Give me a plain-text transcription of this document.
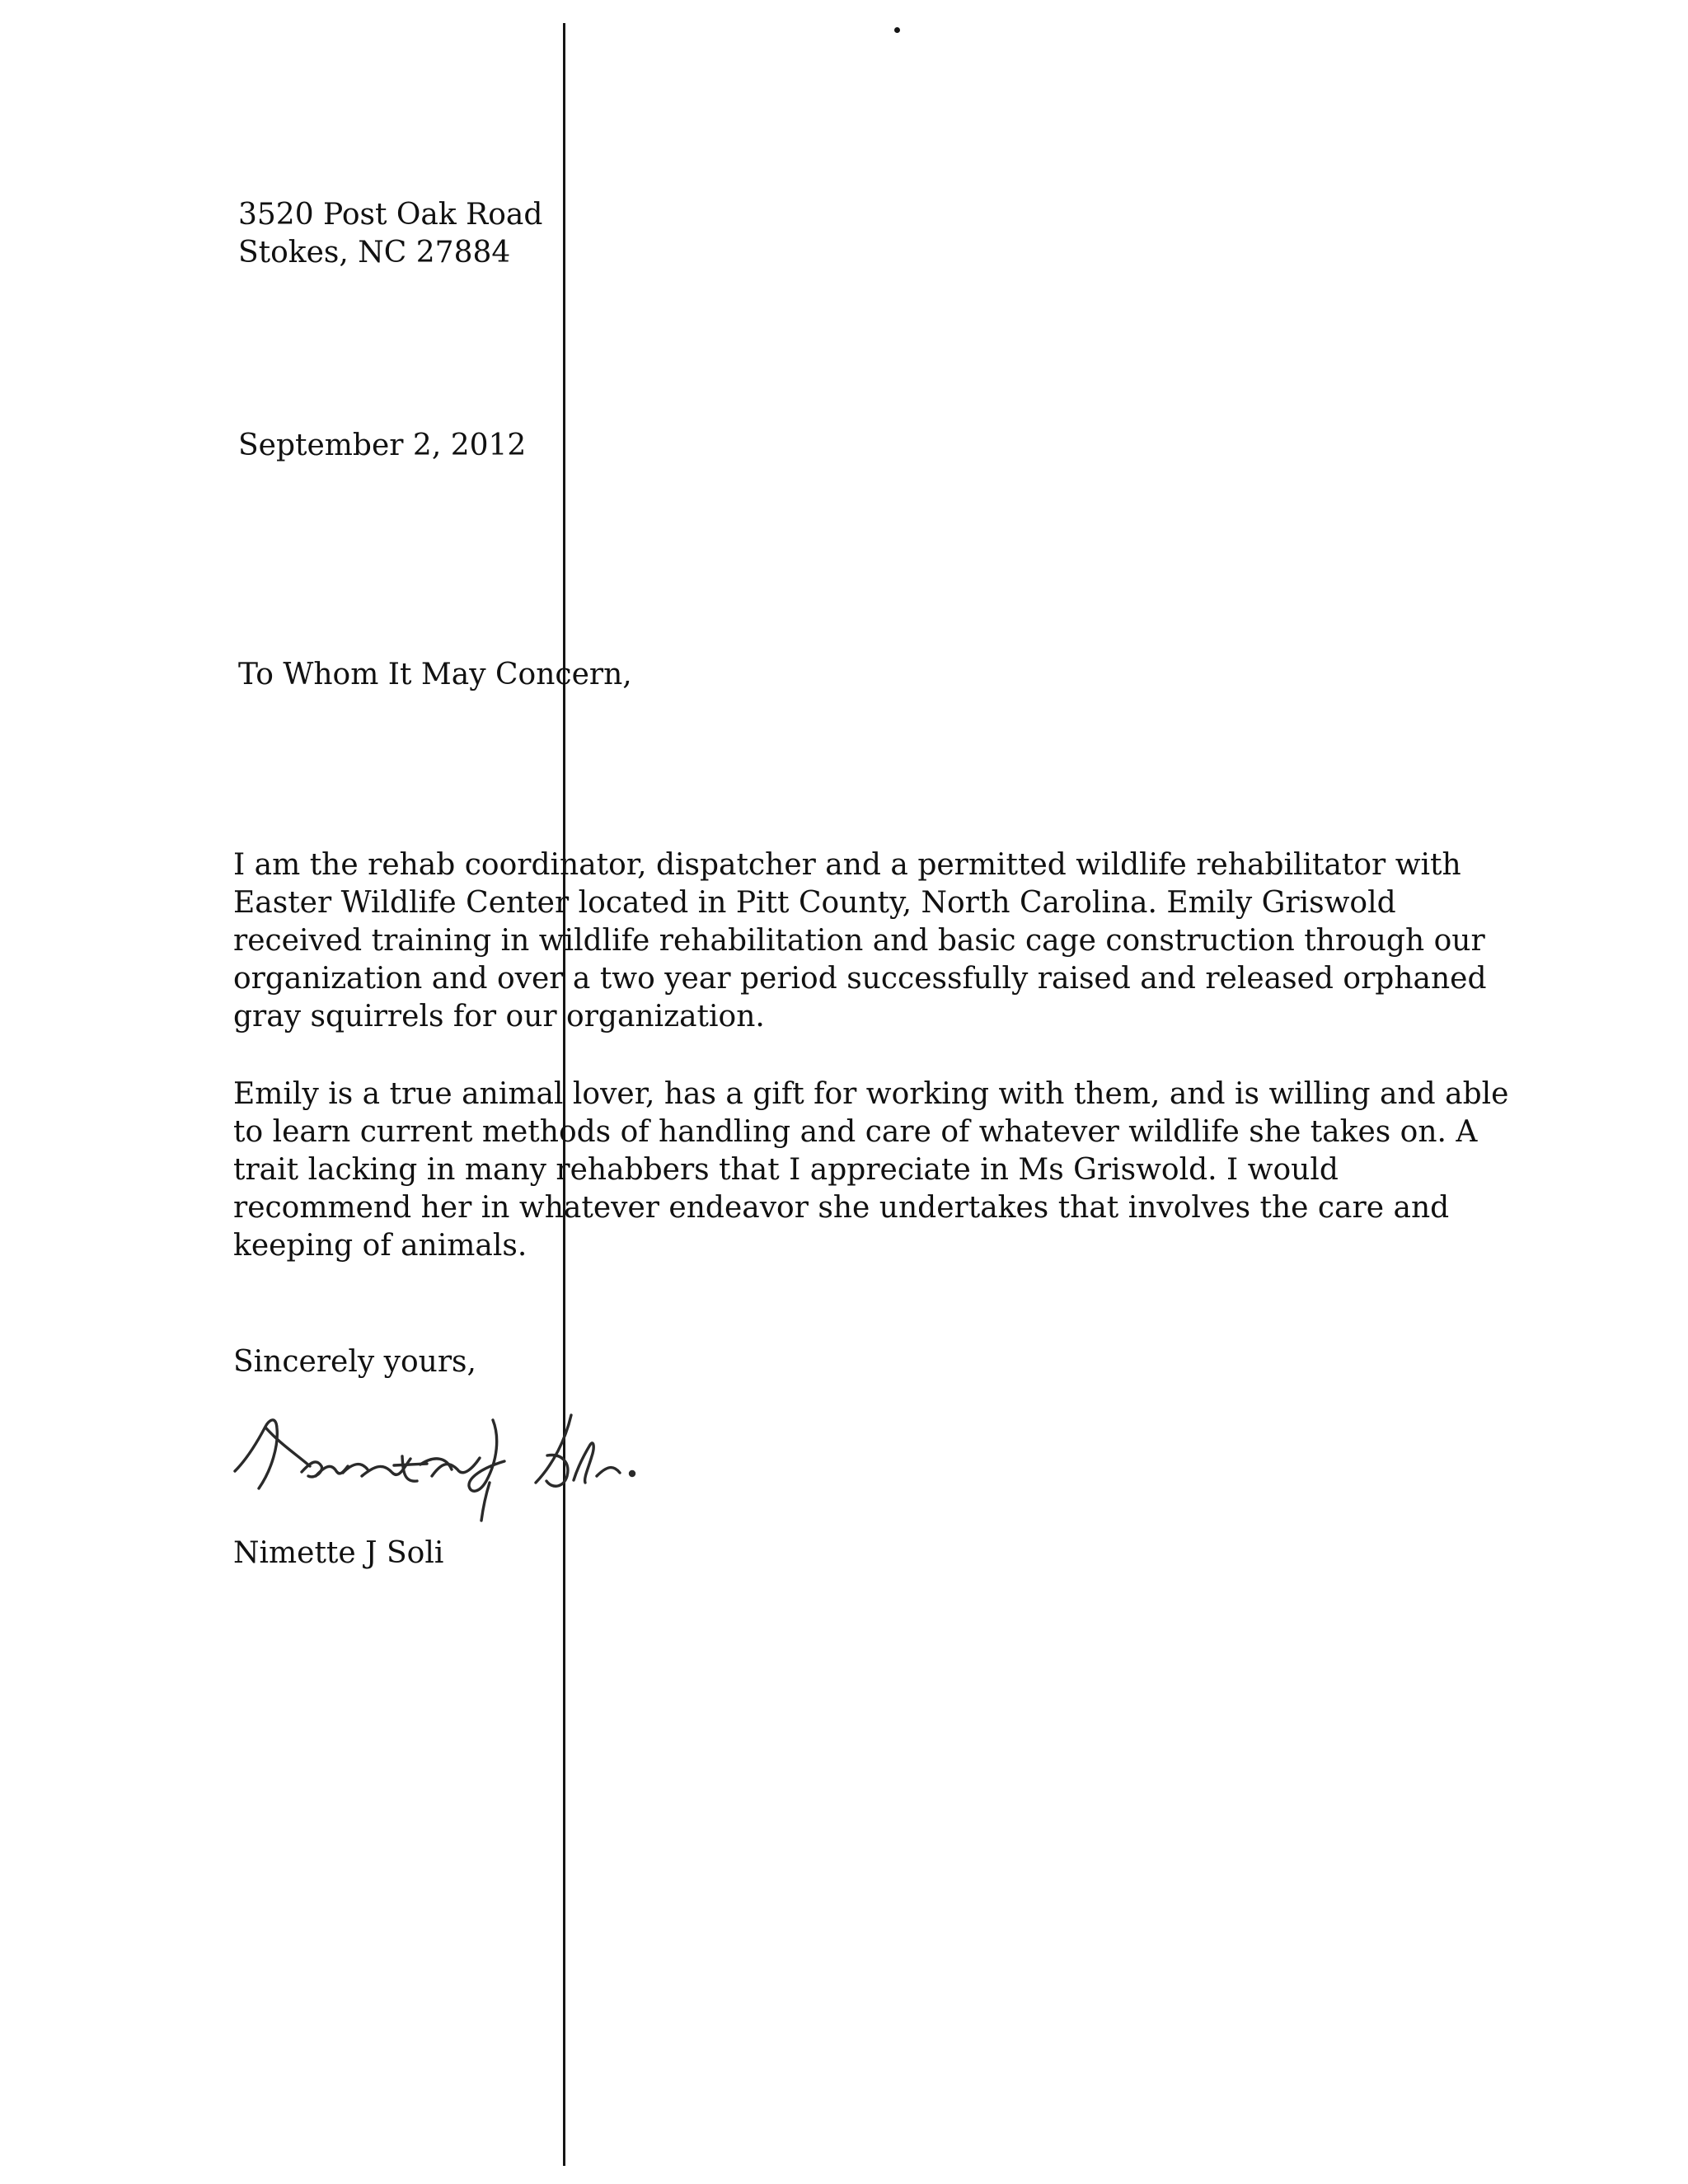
3520 Post Oak Road
Stokes, NC 27884
September 2, 2012
To Whom It May Concern,
I am the rehab coordinator, dispatcher and a permitted wildlife rehabilitator with
Easter Wildlife Center located in Pitt County, North Carolina. Emily Griswold
received training in wildlife rehabilitation and basic cage construction through our
organization and over a two year period successfully raised and released orphaned
gray squirrels for our organization.
Emily is a true animal lover, has a gift for working with them, and is willing and able
to learn current methods of handling and care of whatever wildlife she takes on. A
trait lacking in many rehabbers that I appreciate in Ms Griswold. I would
recommend her in whatever endeavor she undertakes that involves the care and
keeping of animals.
Sincerely yours,
Nimette J Soli
